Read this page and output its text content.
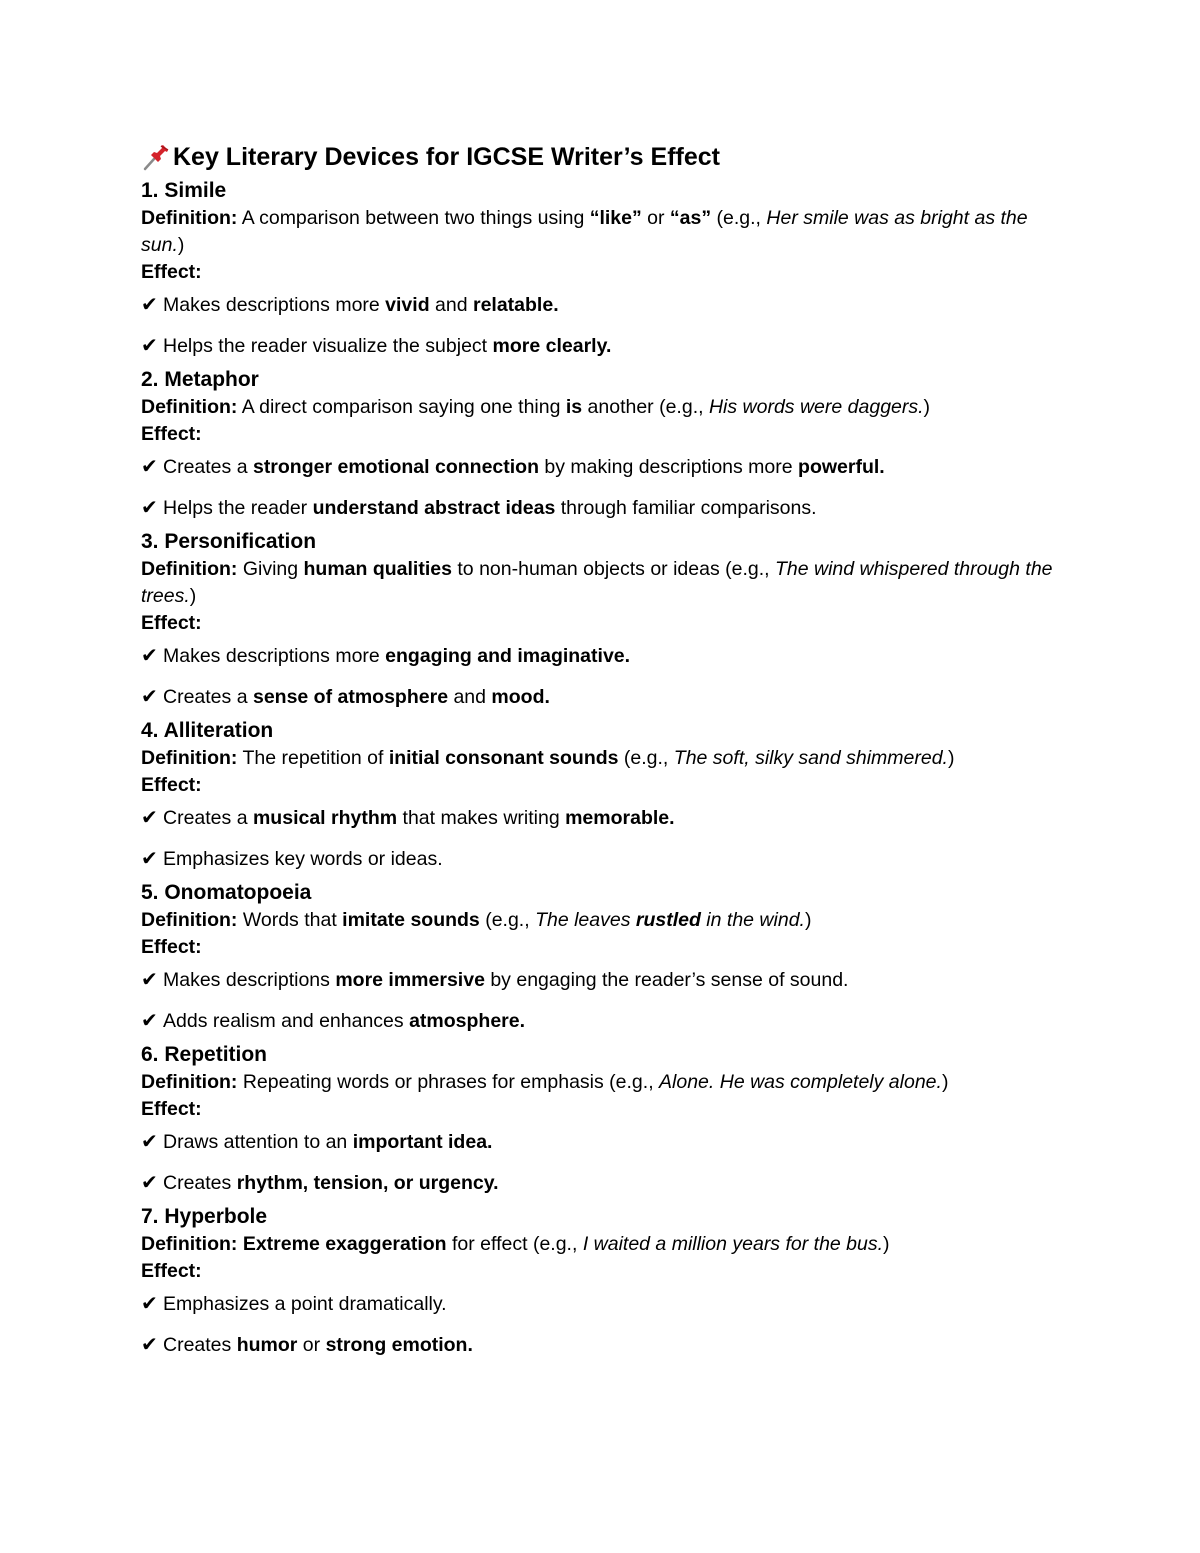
Key Literary Devices for IGCSE Writer’s Effect

1. Simile

Definition: A comparison between two things using “like” or “as” (e.g., Her smile was as bright as the sun.)

Effect:

✔ Makes descriptions more vivid and relatable.
✔ Helps the reader visualize the subject more clearly.

2. Metaphor

Definition: A direct comparison saying one thing is another (e.g., His words were daggers.)

Effect:

✔ Creates a stronger emotional connection by making descriptions more powerful.
✔ Helps the reader understand abstract ideas through familiar comparisons.

3. Personification

Definition: Giving human qualities to non-human objects or ideas (e.g., The wind whispered through the trees.)

Effect:

✔ Makes descriptions more engaging and imaginative.
✔ Creates a sense of atmosphere and mood.

4. Alliteration

Definition: The repetition of initial consonant sounds (e.g., The soft, silky sand shimmered.)

Effect:

✔ Creates a musical rhythm that makes writing memorable.
✔ Emphasizes key words or ideas.

5. Onomatopoeia

Definition: Words that imitate sounds (e.g., The leaves rustled in the wind.)

Effect:

✔ Makes descriptions more immersive by engaging the reader’s sense of sound.
✔ Adds realism and enhances atmosphere.

6. Repetition

Definition: Repeating words or phrases for emphasis (e.g., Alone. He was completely alone.)

Effect:

✔ Draws attention to an important idea.
✔ Creates rhythm, tension, or urgency.

7. Hyperbole

Definition: Extreme exaggeration for effect (e.g., I waited a million years for the bus.)

Effect:

✔ Emphasizes a point dramatically.
✔ Creates humor or strong emotion.
